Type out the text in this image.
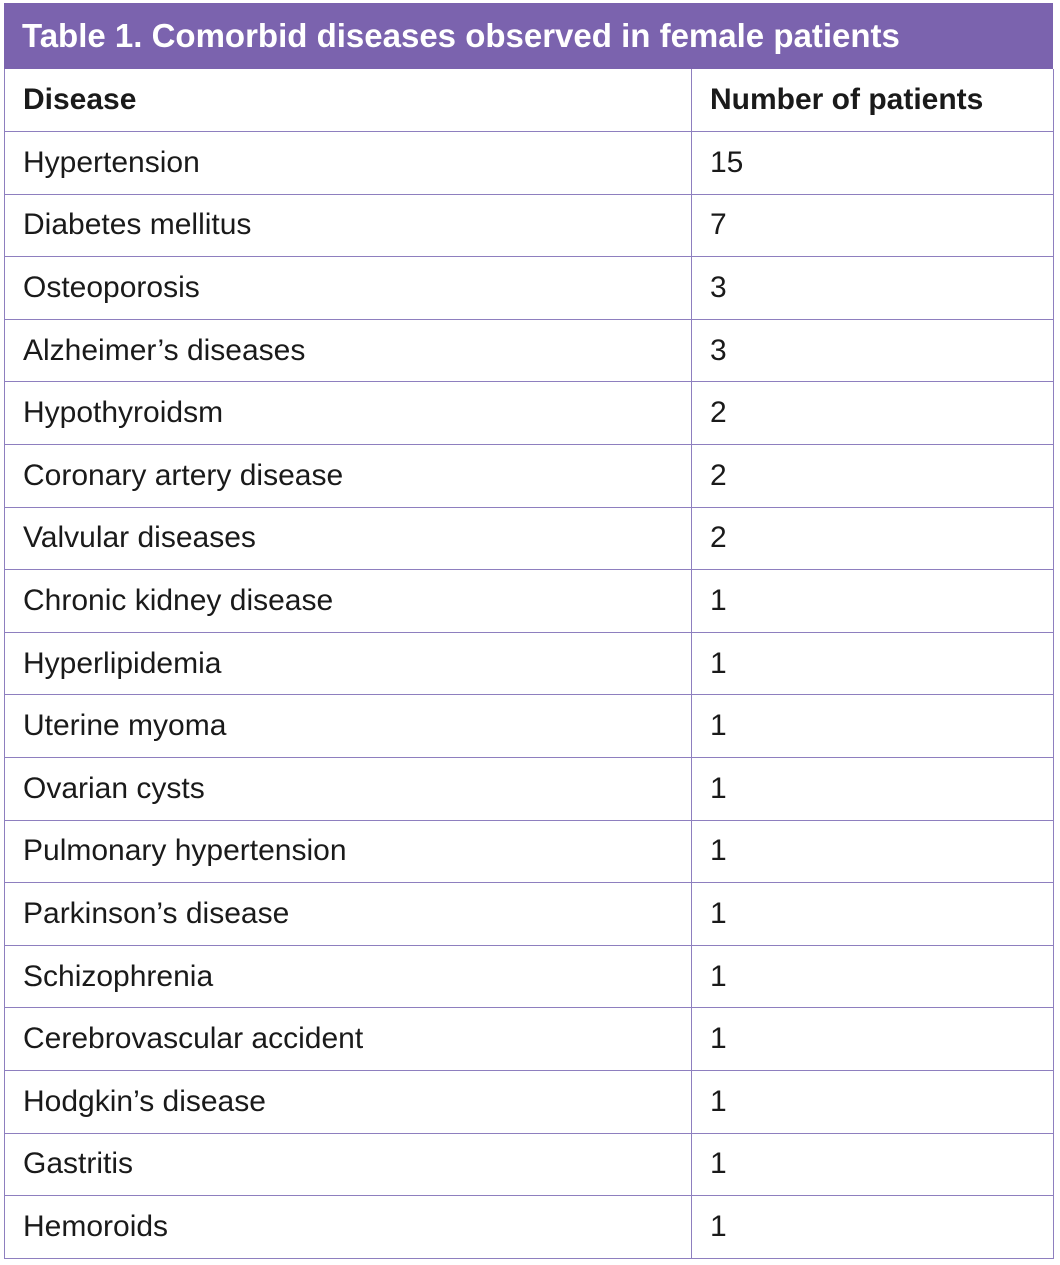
Table 1. Comorbid diseases observed in female patients
Disease	Number of patients
Hypertension	15
Diabetes mellitus	7
Osteoporosis	3
Alzheimer’s diseases	3
Hypothyroidsm	2
Coronary artery disease	2
Valvular diseases	2
Chronic kidney disease	1
Hyperlipidemia	1
Uterine myoma	1
Ovarian cysts	1
Pulmonary hypertension	1
Parkinson’s disease	1
Schizophrenia	1
Cerebrovascular accident	1
Hodgkin’s disease	1
Gastritis	1
Hemoroids	1
